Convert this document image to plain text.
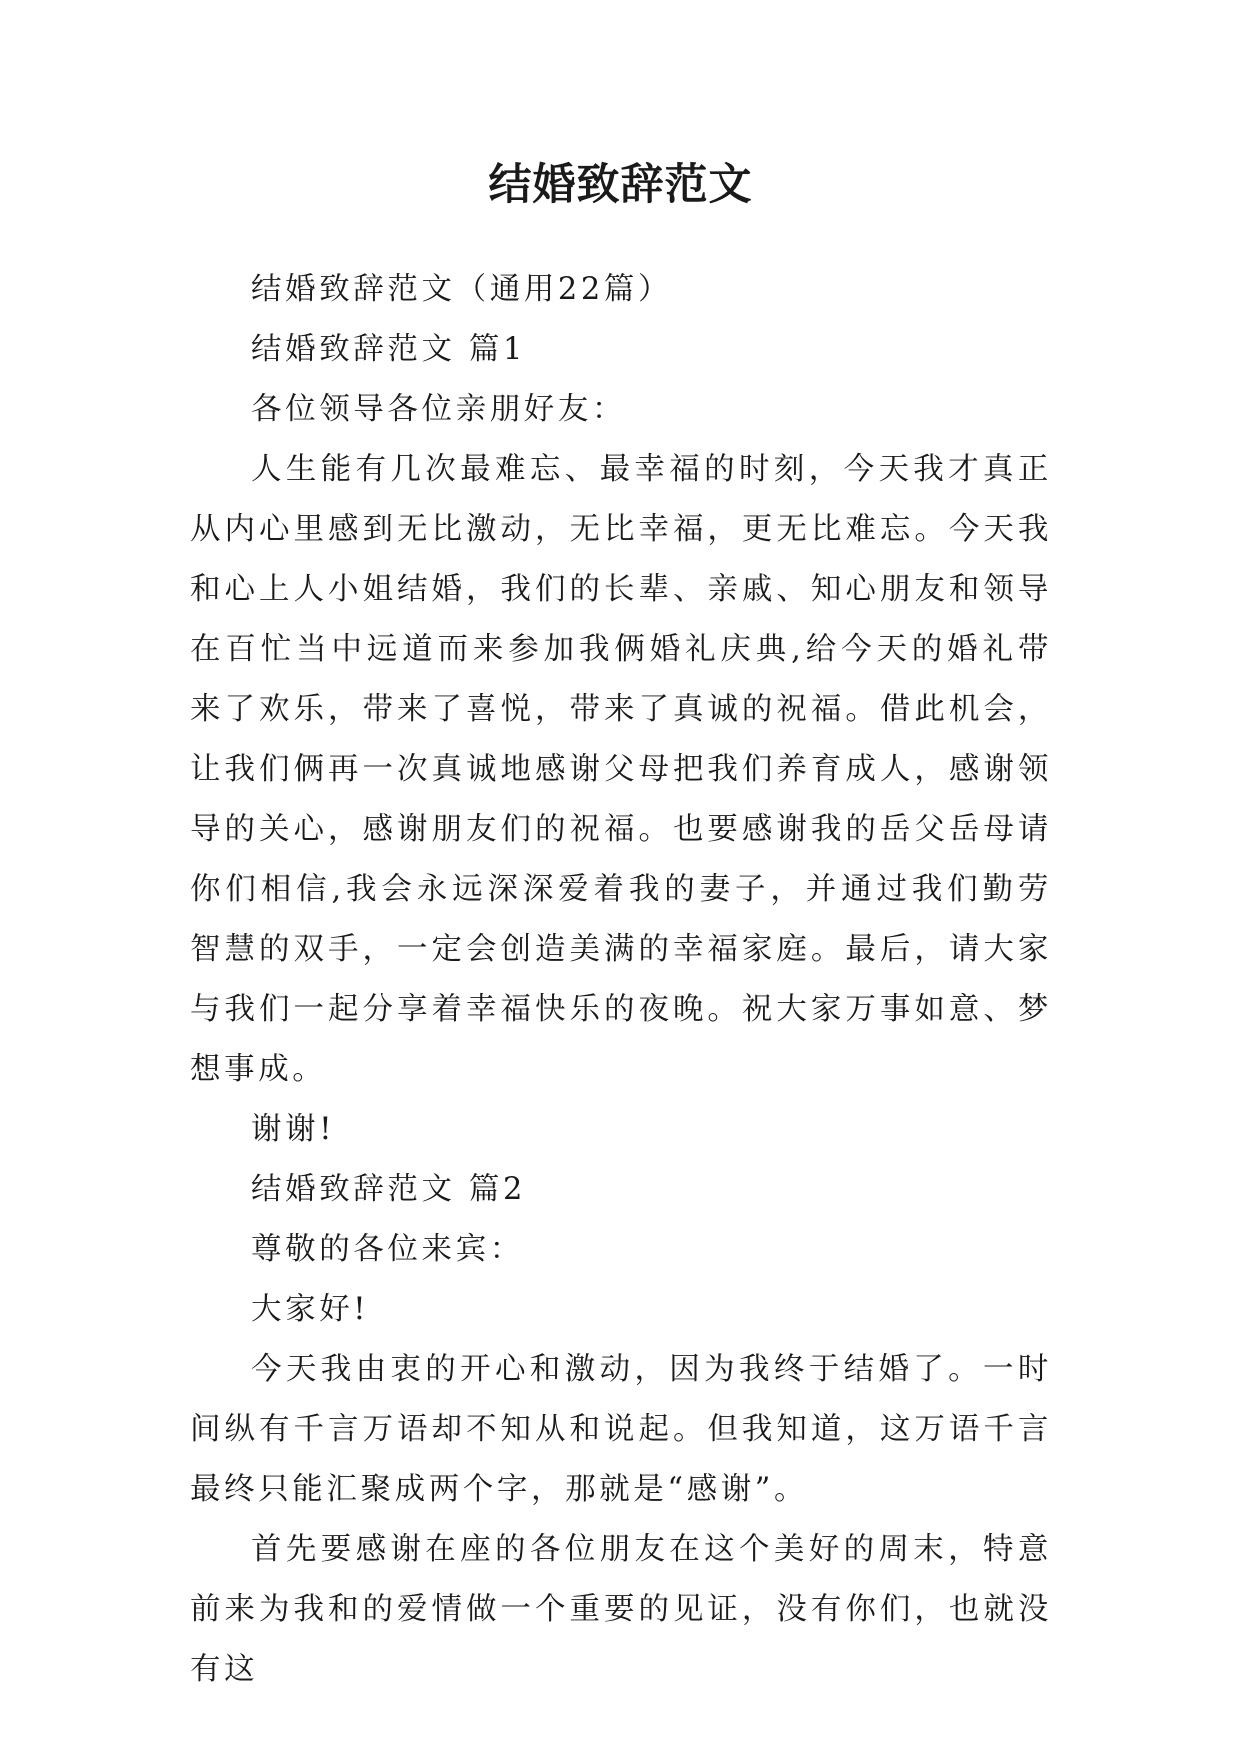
结婚致辞范文

结婚致辞范文（通用22篇）

结婚致辞范文 篇1

各位领导各位亲朋好友：

人生能有几次最难忘、最幸福的时刻，今天我才真正从内心里感到无比激动，无比幸福，更无比难忘。今天我和心上人小姐结婚，我们的长辈、亲戚、知心朋友和领导在百忙当中远道而来参加我俩婚礼庆典,给今天的婚礼带来了欢乐，带来了喜悦，带来了真诚的祝福。借此机会，让我们俩再一次真诚地感谢父母把我们养育成人，感谢领导的关心，感谢朋友们的祝福。也要感谢我的岳父岳母请你们相信,我会永远深深爱着我的妻子，并通过我们勤劳智慧的双手，一定会创造美满的幸福家庭。最后，请大家与我们一起分享着幸福快乐的夜晚。祝大家万事如意、梦想事成。

谢谢!

结婚致辞范文 篇2

尊敬的各位来宾：

大家好!

今天我由衷的开心和激动，因为我终于结婚了。一时间纵有千言万语却不知从和说起。但我知道，这万语千言最终只能汇聚成两个字，那就是“感谢”。

首先要感谢在座的各位朋友在这个美好的周末，特意前来为我和的爱情做一个重要的见证，没有你们，也就没有这
